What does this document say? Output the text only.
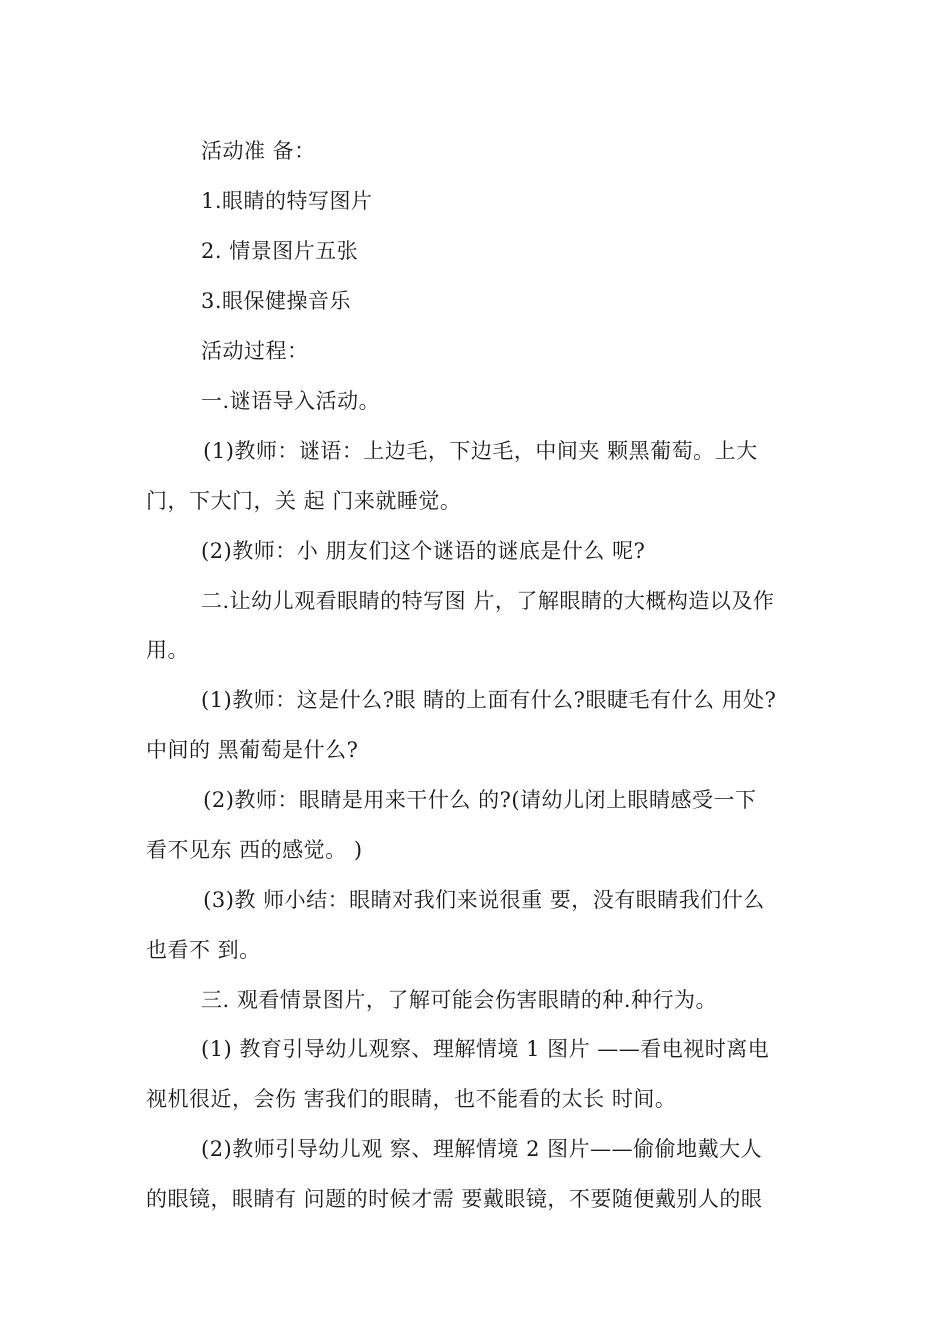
活动准 备：
1.眼睛的特写图片
2. 情景图片五张
3.眼保健操音乐
活动过程：
一.谜语导入活动。
(1)教师：谜语：上边毛，下边毛，中间夹 颗黑葡萄。上大
门，下大门，关 起 门来就睡觉。
(2)教师：小 朋友们这个谜语的谜底是什么 呢?
二.让幼儿观看眼睛的特写图 片，了解眼睛的大概构造以及作
用。
(1)教师：这是什么?眼 睛的上面有什么?眼睫毛有什么 用处?
中间的 黑葡萄是什么?
(2)教师：眼睛是用来干什么 的?(请幼儿闭上眼睛感受一下
看不见东 西的感觉。 )
(3)教 师小结：眼睛对我们来说很重 要，没有眼睛我们什么
也看不 到。
三. 观看情景图片，了解可能会伤害眼睛的种.种行为。
(1) 教育引导幼儿观察、理解情境 1 图片 ——看电视时离电
视机很近，会伤 害我们的眼睛，也不能看的太长 时间。
(2)教师引导幼儿观 察、理解情境 2 图片——偷偷地戴大人
的眼镜，眼睛有 问题的时候才需 要戴眼镜，不要随便戴别人的眼
